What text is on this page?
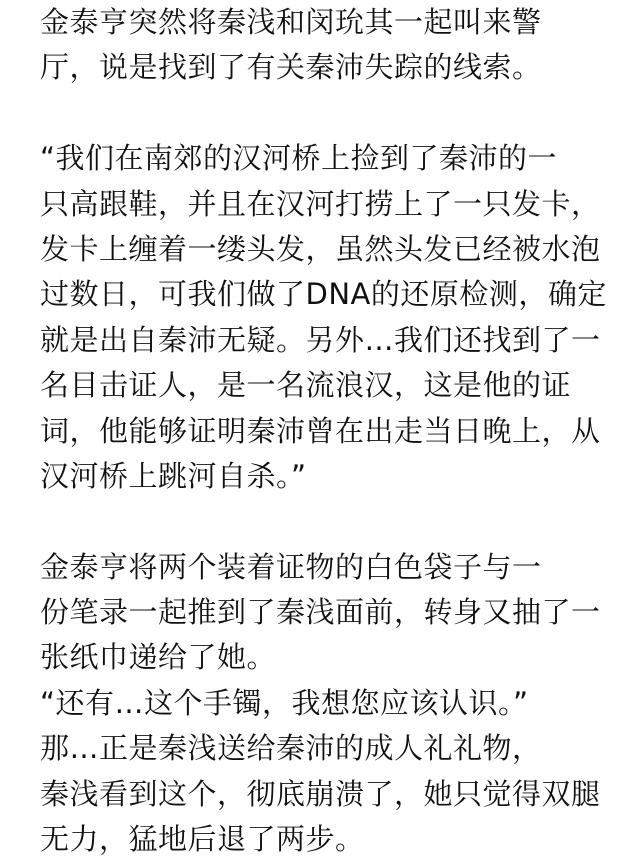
金泰亨突然将秦浅和闵玧其一起叫来警
厅，说是找到了有关秦沛失踪的线索。
“我们在南郊的汉河桥上捡到了秦沛的一
只高跟鞋，并且在汉河打捞上了一只发卡，
发卡上缠着一缕头发，虽然头发已经被水泡
过数日，可我们做了DNA的还原检测，确定
就是出自秦沛无疑。另外…我们还找到了一
名目击证人，是一名流浪汉，这是他的证
词，他能够证明秦沛曾在出走当日晚上，从
汉河桥上跳河自杀。”
金泰亨将两个装着证物的白色袋子与一
份笔录一起推到了秦浅面前，转身又抽了一
张纸巾递给了她。
“还有…这个手镯，我想您应该认识。”
那…正是秦浅送给秦沛的成人礼礼物，
秦浅看到这个，彻底崩溃了，她只觉得双腿
无力，猛地后退了两步。
